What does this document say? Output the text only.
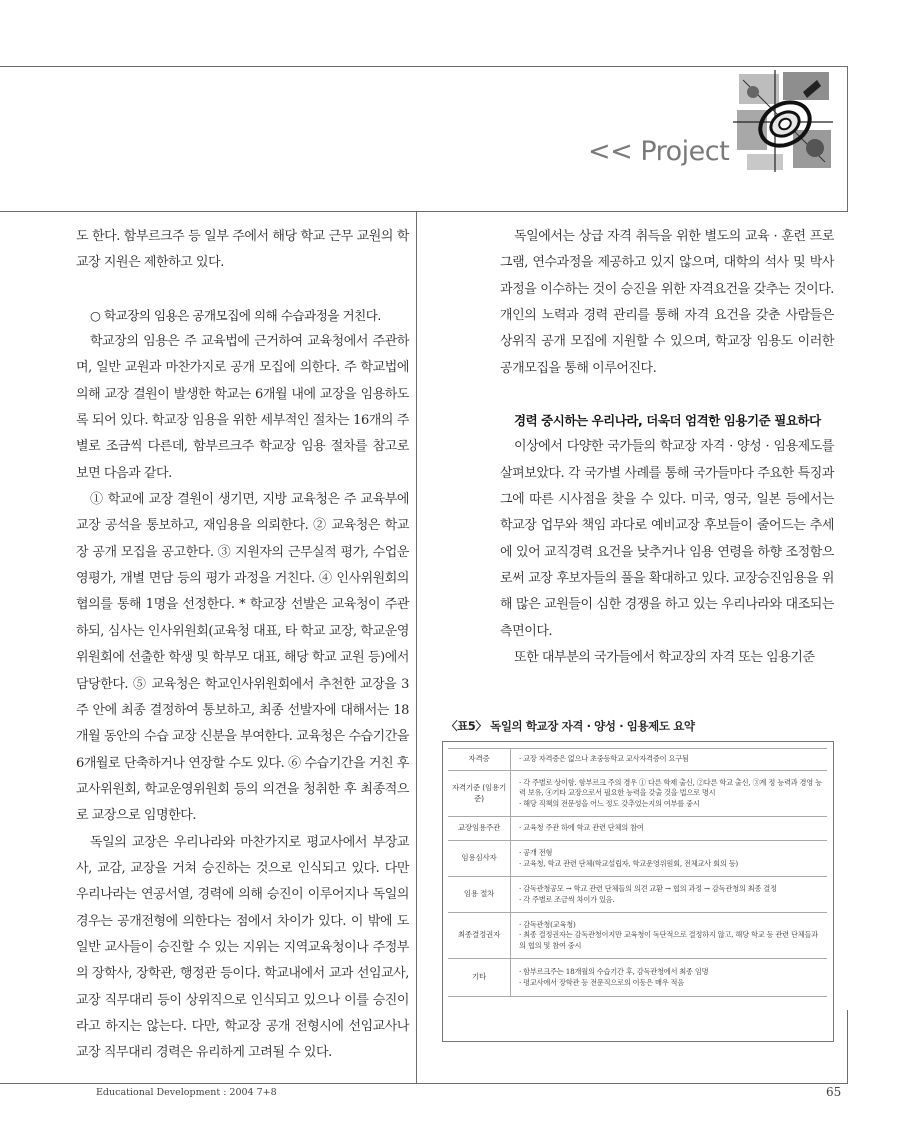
<< Project

도 한다. 함부르크주 등 일부 주에서 해당 학교 근무 교원의 학교장 지원은 제한하고 있다.

○ 학교장의 임용은 공개모집에 의해 수습과정을 거친다.

학교장의 임용은 주 교육법에 근거하여 교육청에서 주관하며, 일반 교원과 마찬가지로 공개 모집에 의한다. 주 학교법에 의해 교장 결원이 발생한 학교는 6개월 내에 교장을 임용하도록 되어 있다. 학교장 임용을 위한 세부적인 절차는 16개의 주별로 조금씩 다른데, 함부르크주 학교장 임용 절차를 참고로 보면 다음과 같다.

① 학교에 교장 결원이 생기면, 지방 교육청은 주 교육부에 교장 공석을 통보하고, 재임용을 의뢰한다. ② 교육청은 학교장 공개 모집을 공고한다. ③ 지원자의 근무실적 평가, 수업운영평가, 개별 면담 등의 평가 과정을 거친다. ④ 인사위원회의 협의를 통해 1명을 선정한다. * 학교장 선발은 교육청이 주관하되, 심사는 인사위원회(교육청 대표, 타 학교 교장, 학교운영위원회에 선출한 학생 및 학부모 대표, 해당 학교 교원 등)에서 담당한다. ⑤ 교육청은 학교인사위원회에서 추천한 교장을 3주 안에 최종 결정하여 통보하고, 최종 선발자에 대해서는 18개월 동안의 수습 교장 신분을 부여한다. 교육청은 수습기간을 6개월로 단축하거나 연장할 수도 있다. ⑥ 수습기간을 거친 후 교사위원회, 학교운영위원회 등의 의견을 청취한 후 최종적으로 교장으로 임명한다.

독일의 교장은 우리나라와 마찬가지로 평교사에서 부장교사, 교감, 교장을 거쳐 승진하는 것으로 인식되고 있다. 다만 우리나라는 연공서열, 경력에 의해 승진이 이루어지나 독일의 경우는 공개전형에 의한다는 점에서 차이가 있다. 이 밖에 도 일반 교사들이 승진할 수 있는 지위는 지역교육청이나 주정부의 장학사, 장학관, 행정관 등이다. 학교내에서 교과 선임교사, 교장 직무대리 등이 상위직으로 인식되고 있으나 이를 승진이라고 하지는 않는다. 다만, 학교장 공개 전형시에 선임교사나 교장 직무대리 경력은 유리하게 고려될 수 있다.

독일에서는 상급 자격 취득을 위한 별도의 교육 · 훈련 프로그램, 연수과정을 제공하고 있지 않으며, 대학의 석사 및 박사과정을 이수하는 것이 승진을 위한 자격요건을 갖추는 것이다. 개인의 노력과 경력 관리를 통해 자격 요건을 갖춘 사람들은 상위직 공개 모집에 지원할 수 있으며, 학교장 임용도 이러한 공개모집을 통해 이루어진다.

경력 중시하는 우리나라, 더욱더 엄격한 임용기준 필요하다

이상에서 다양한 국가들의 학교장 자격 · 양성 · 임용제도를 살펴보았다. 각 국가별 사례를 통해 국가들마다 주요한 특징과 그에 따른 시사점을 찾을 수 있다. 미국, 영국, 일본 등에서는 학교장 업무와 책임 과다로 예비교장 후보들이 줄어드는 추세에 있어 교직경력 요건을 낮추거나 임용 연령을 하향 조정함으로써 교장 후보자들의 풀을 확대하고 있다. 교장승진임용을 위해 많은 교원들이 심한 경쟁을 하고 있는 우리나라와 대조되는 측면이다.

또한 대부분의 국가들에서 학교장의 자격 또는 임용기준

〈표5〉 독일의 학교장 자격 · 양성 · 임용제도 요약
자격증	· 교장 자격증은 없으나 초중등학교 교사자격증이 요구됨

자격기준 (임용기준)	· 각 주별로 상이함. 함부르크 주의 경우 ① 다른 학제 출신, ②다른 학교 출신, ③계 정 능력과 경영 능력 보유, ④기타 교장으로서 필요한 능력을 갖출 것을 법으로 명시
· 해당 직책의 전문성을 어느 정도 갖추었는지의 여부를 중시

교장임용주관	· 교육청 주관 하에 학교 관련 단체의 참여

임용심사자	· 공개 전형
· 교육청, 학교 관련 단체(학교설립자, 학교운영위원회, 전체교사 회의 등)

임용 절차	· 감독관청공모 → 학교 관련 단체들의 의견 교환 → 협의 과정 → 감독관청의 최종 결정
· 각 주별로 조금씩 차이가 있음.

최종결정권자	· 감독관청(교육청)
· 최종 결정권자는 감독관청이지만 교육청이 독단적으로 결정하지 않고, 해당 학교 등 관련 단체들과의 협의 및 참여 중시

기타	· 함부르크주는 18개월의 수습기간 후, 감독관청에서 최종 임명
· 평교사에서 장학관 등 전문직으로의 이동은 매우 적음
Educational Development : 2004 7+8	65
